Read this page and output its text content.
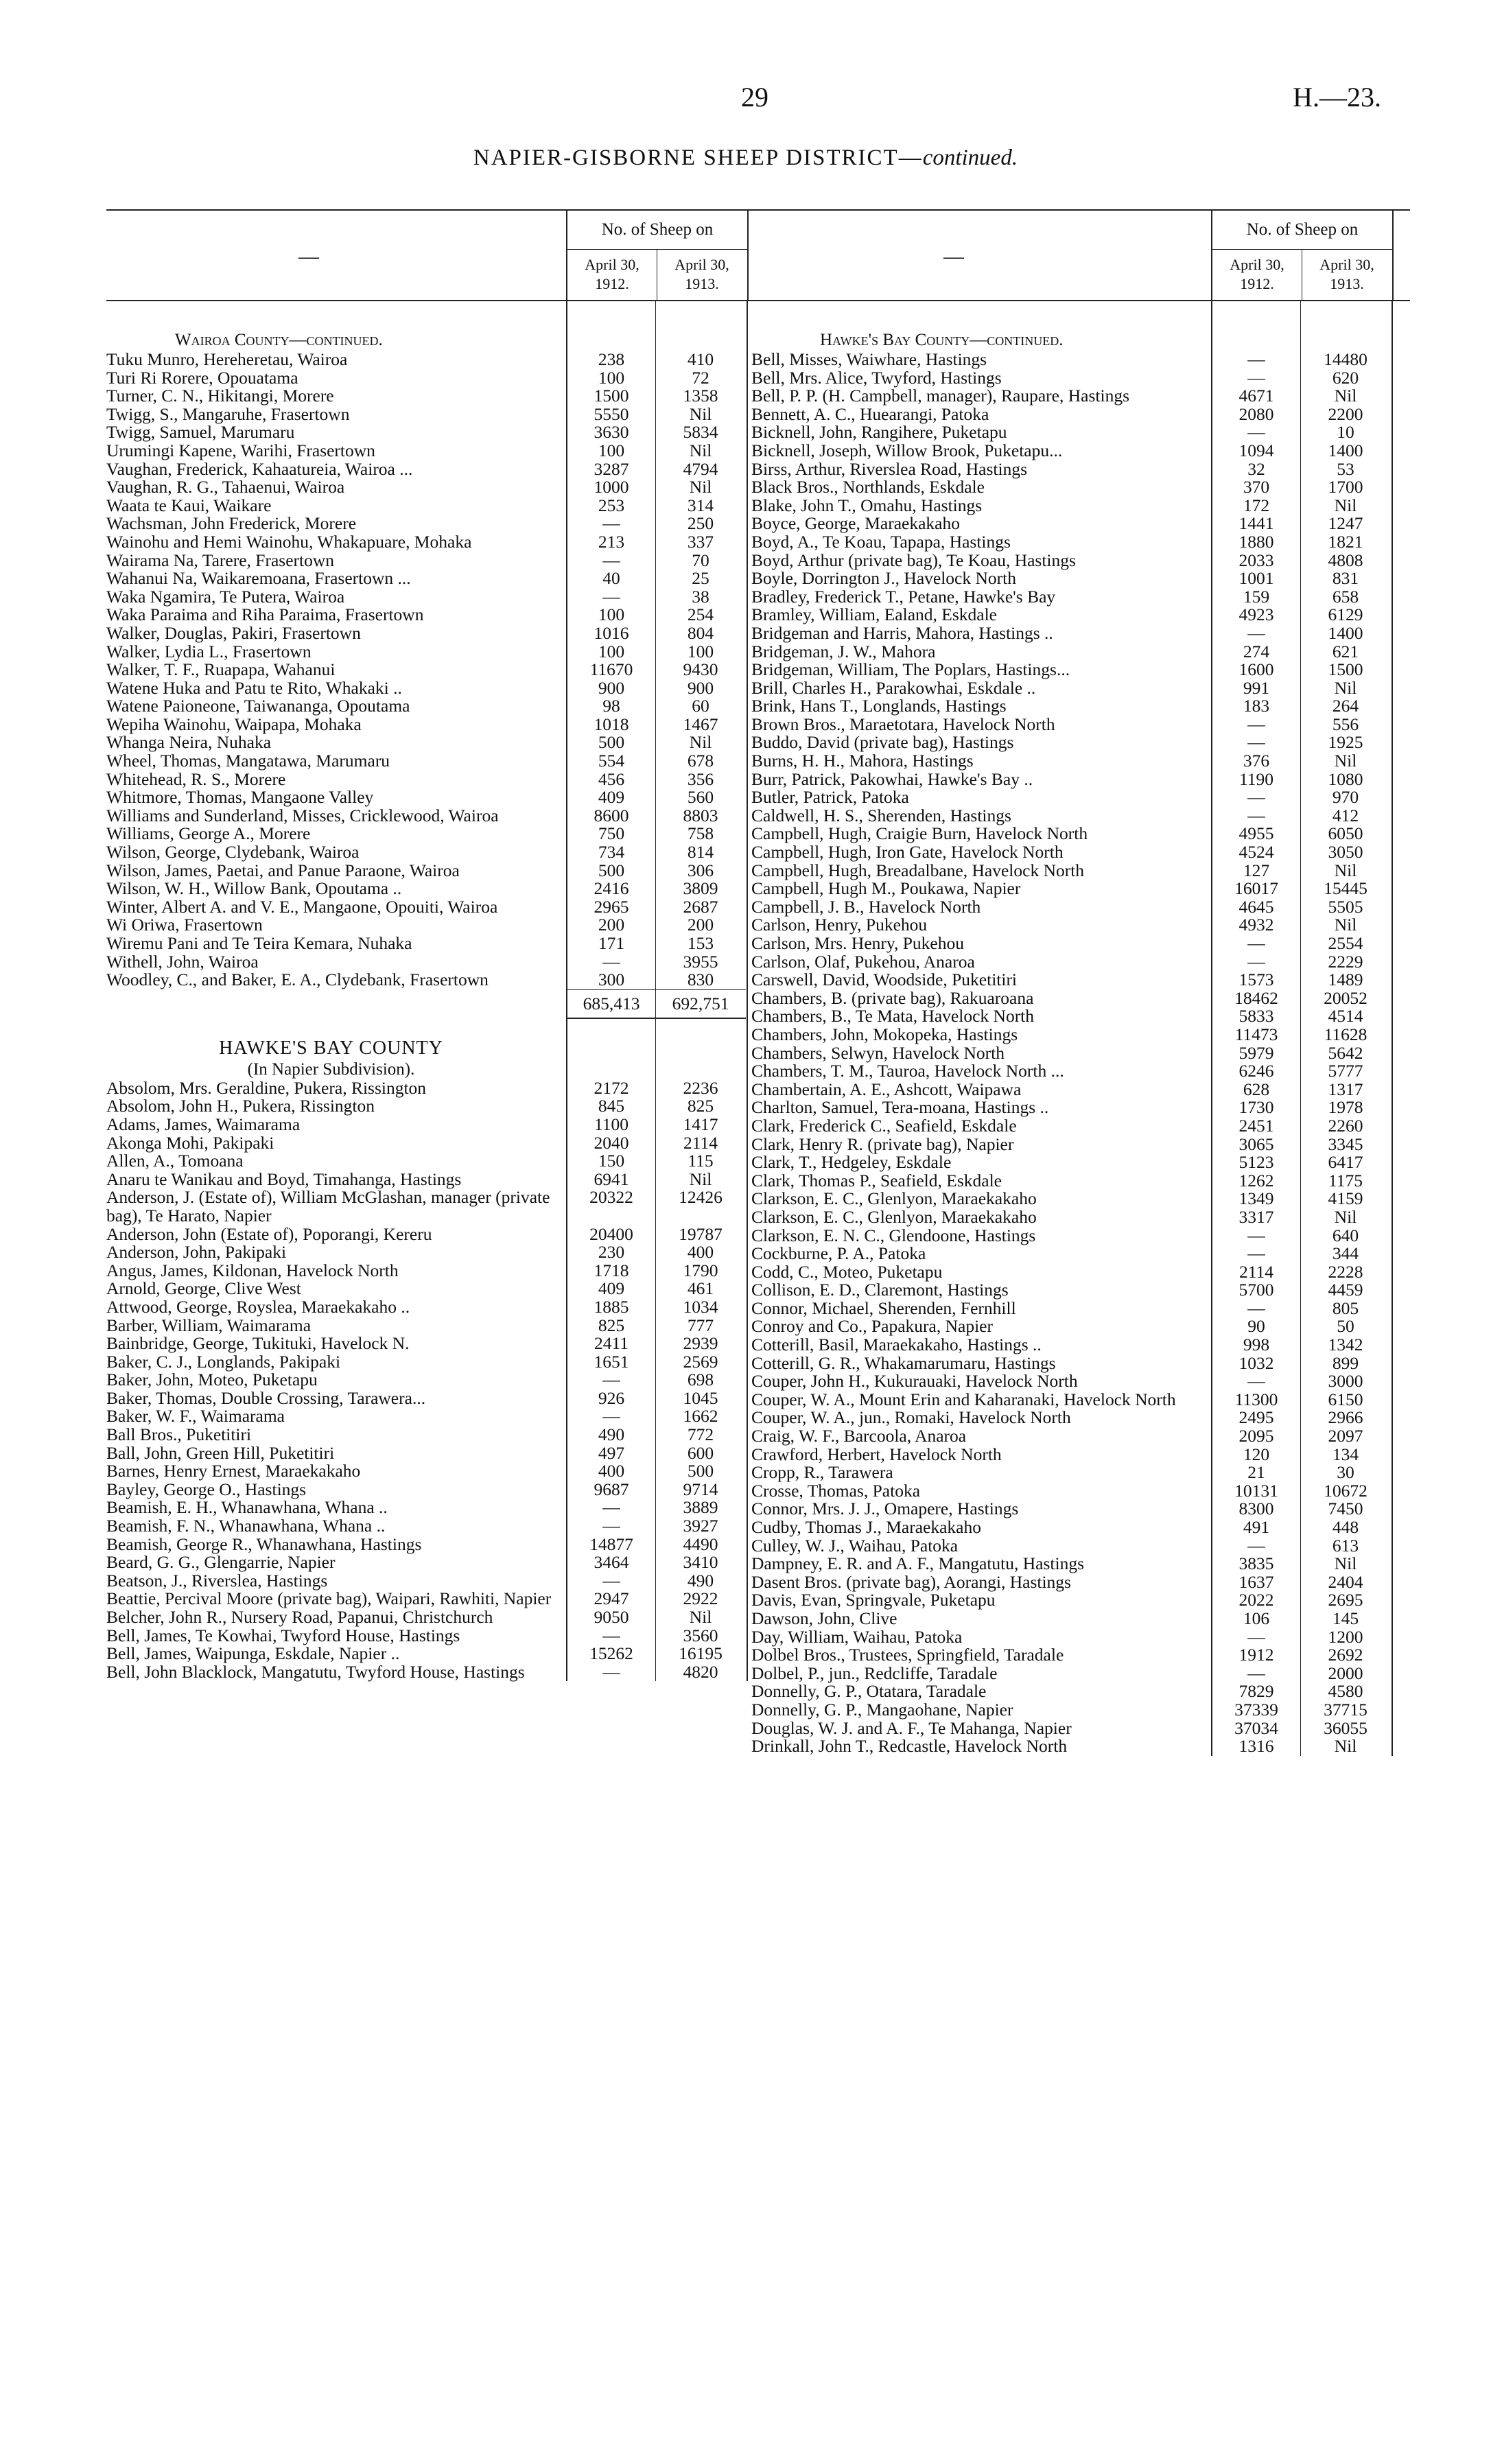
29	H.—23.
NAPIER-GISBORNE SHEEP DISTRICT—continued.
—
No. of Sheep on
April 30,
1912.
April 30,
1913.
Wairoa County—continued.
Tuku Munro, Hereheretau, Wairoa	238	410
Turi Ri Rorere, Opouatama	100	72
Turner, C. N., Hikitangi, Morere	1500	1358
Twigg, S., Mangaruhe, Frasertown	5550	Nil
Twigg, Samuel, Marumaru	3630	5834
Urumingi Kapene, Warihi, Frasertown	100	Nil
Vaughan, Frederick, Kahaatureia, Wairoa ...	3287	4794
Vaughan, R. G., Tahaenui, Wairoa	1000	Nil
Waata te Kaui, Waikare	253	314
Wachsman, John Frederick, Morere	—	250
Wainohu and Hemi Wainohu, Whakapuare, Mohaka	213	337
Wairama Na, Tarere, Frasertown	—	70
Wahanui Na, Waikaremoana, Frasertown ...	40	25
Waka Ngamira, Te Putera, Wairoa	—	38
Waka Paraima and Riha Paraima, Frasertown	100	254
Walker, Douglas, Pakiri, Frasertown	1016	804
Walker, Lydia L., Frasertown	100	100
Walker, T. F., Ruapapa, Wahanui	11670	9430
Watene Huka and Patu te Rito, Whakaki ..	900	900
Watene Paioneone, Taiwananga, Opoutama	98	60
Wepiha Wainohu, Waipapa, Mohaka	1018	1467
Whanga Neira, Nuhaka	500	Nil
Wheel, Thomas, Mangatawa, Marumaru	554	678
Whitehead, R. S., Morere	456	356
Whitmore, Thomas, Mangaone Valley	409	560
Williams and Sunderland, Misses, Cricklewood, Wairoa	8600	8803
Williams, George A., Morere	750	758
Wilson, George, Clydebank, Wairoa	734	814
Wilson, James, Paetai, and Panue Paraone, Wairoa	500	306
Wilson, W. H., Willow Bank, Opoutama ..	2416	3809
Winter, Albert A. and V. E., Mangaone, Opouiti, Wairoa	2965	2687
Wi Oriwa, Frasertown	200	200
Wiremu Pani and Te Teira Kemara, Nuhaka	171	153
Withell, John, Wairoa	—	3955
Woodley, C., and Baker, E. A., Clydebank, Frasertown	300	830
685,413	692,751
HAWKE'S BAY COUNTY
(In Napier Subdivision).
Absolom, Mrs. Geraldine, Pukera, Rissington	2172	2236
Absolom, John H., Pukera, Rissington	845	825
Adams, James, Waimarama	1100	1417
Akonga Mohi, Pakipaki	2040	2114
Allen, A., Tomoana	150	115
Anaru te Wanikau and Boyd, Timahanga, Hastings	6941	Nil
Anderson, J. (Estate of), William McGlashan, manager (private bag), Te Harato, Napier
20322	12426
Anderson, John (Estate of), Poporangi, Kereru	20400	19787
Anderson, John, Pakipaki	230	400
Angus, James, Kildonan, Havelock North	1718	1790
Arnold, George, Clive West	409	461
Attwood, George, Royslea, Maraekakaho ..	1885	1034
Barber, William, Waimarama	825	777
Bainbridge, George, Tukituki, Havelock N.	2411	2939
Baker, C. J., Longlands, Pakipaki	1651	2569
Baker, John, Moteo, Puketapu	—	698
Baker, Thomas, Double Crossing, Tarawera...	926	1045
Baker, W. F., Waimarama	—	1662
Ball Bros., Puketitiri	490	772
Ball, John, Green Hill, Puketitiri	497	600
Barnes, Henry Ernest, Maraekakaho	400	500
Bayley, George O., Hastings	9687	9714
Beamish, E. H., Whanawhana, Whana ..	—	3889
Beamish, F. N., Whanawhana, Whana ..	—	3927
Beamish, George R., Whanawhana, Hastings	14877	4490
Beard, G. G., Glengarrie, Napier	3464	3410
Beatson, J., Riverslea, Hastings	—	490
Beattie, Percival Moore (private bag), Waipari, Rawhiti, Napier	2947	2922
Belcher, John R., Nursery Road, Papanui, Christchurch	9050	Nil
Bell, James, Te Kowhai, Twyford House, Hastings	—	3560
Bell, James, Waipunga, Eskdale, Napier ..	15262	16195
Bell, John Blacklock, Mangatutu, Twyford House, Hastings	—	4820
—
No. of Sheep on
April 30,
1912.
April 30,
1913.
Hawke's Bay County—continued.
Bell, Misses, Waiwhare, Hastings	—	14480
Bell, Mrs. Alice, Twyford, Hastings	—	620
Bell, P. P. (H. Campbell, manager), Raupare, Hastings	4671	Nil
Bennett, A. C., Huearangi, Patoka	2080	2200
Bicknell, John, Rangihere, Puketapu	—	10
Bicknell, Joseph, Willow Brook, Puketapu...	1094	1400
Birss, Arthur, Riverslea Road, Hastings	32	53
Black Bros., Northlands, Eskdale	370	1700
Blake, John T., Omahu, Hastings	172	Nil
Boyce, George, Maraekakaho	1441	1247
Boyd, A., Te Koau, Tapapa, Hastings	1880	1821
Boyd, Arthur (private bag), Te Koau, Hastings	2033	4808
Boyle, Dorrington J., Havelock North	1001	831
Bradley, Frederick T., Petane, Hawke's Bay	159	658
Bramley, William, Ealand, Eskdale	4923	6129
Bridgeman and Harris, Mahora, Hastings ..	—	1400
Bridgeman, J. W., Mahora	274	621
Bridgeman, William, The Poplars, Hastings...	1600	1500
Brill, Charles H., Parakowhai, Eskdale ..	991	Nil
Brink, Hans T., Longlands, Hastings	183	264
Brown Bros., Maraetotara, Havelock North	—	556
Buddo, David (private bag), Hastings	—	1925
Burns, H. H., Mahora, Hastings	376	Nil
Burr, Patrick, Pakowhai, Hawke's Bay ..	1190	1080
Butler, Patrick, Patoka	—	970
Caldwell, H. S., Sherenden, Hastings	—	412
Campbell, Hugh, Craigie Burn, Havelock North	4955	6050
Campbell, Hugh, Iron Gate, Havelock North	4524	3050
Campbell, Hugh, Breadalbane, Havelock North	127	Nil
Campbell, Hugh M., Poukawa, Napier	16017	15445
Campbell, J. B., Havelock North	4645	5505
Carlson, Henry, Pukehou	4932	Nil
Carlson, Mrs. Henry, Pukehou	—	2554
Carlson, Olaf, Pukehou, Anaroa	—	2229
Carswell, David, Woodside, Puketitiri	1573	1489
Chambers, B. (private bag), Rakuaroana	18462	20052
Chambers, B., Te Mata, Havelock North	5833	4514
Chambers, John, Mokopeka, Hastings	11473	11628
Chambers, Selwyn, Havelock North	5979	5642
Chambers, T. M., Tauroa, Havelock North ...	6246	5777
Chambertain, A. E., Ashcott, Waipawa	628	1317
Charlton, Samuel, Tera-moana, Hastings ..	1730	1978
Clark, Frederick C., Seafield, Eskdale	2451	2260
Clark, Henry R. (private bag), Napier	3065	3345
Clark, T., Hedgeley, Eskdale	5123	6417
Clark, Thomas P., Seafield, Eskdale	1262	1175
Clarkson, E. C., Glenlyon, Maraekakaho	1349	4159
Clarkson, E. C., Glenlyon, Maraekakaho	3317	Nil
Clarkson, E. N. C., Glendoone, Hastings	—	640
Cockburne, P. A., Patoka	—	344
Codd, C., Moteo, Puketapu	2114	2228
Collison, E. D., Claremont, Hastings	5700	4459
Connor, Michael, Sherenden, Fernhill	—	805
Conroy and Co., Papakura, Napier	90	50
Cotterill, Basil, Maraekakaho, Hastings ..	998	1342
Cotterill, G. R., Whakamarumaru, Hastings	1032	899
Couper, John H., Kukurauaki, Havelock North	—	3000
Couper, W. A., Mount Erin and Kaharanaki, Havelock North	11300	6150
Couper, W. A., jun., Romaki, Havelock North	2495	2966
Craig, W. F., Barcoola, Anaroa	2095	2097
Crawford, Herbert, Havelock North	120	134
Cropp, R., Tarawera	21	30
Crosse, Thomas, Patoka	10131	10672
Connor, Mrs. J. J., Omapere, Hastings	8300	7450
Cudby, Thomas J., Maraekakaho	491	448
Culley, W. J., Waihau, Patoka	—	613
Dampney, E. R. and A. F., Mangatutu, Hastings	3835	Nil
Dasent Bros. (private bag), Aorangi, Hastings	1637	2404
Davis, Evan, Springvale, Puketapu	2022	2695
Dawson, John, Clive	106	145
Day, William, Waihau, Patoka	—	1200
Dolbel Bros., Trustees, Springfield, Taradale	1912	2692
Dolbel, P., jun., Redcliffe, Taradale	—	2000
Donnelly, G. P., Otatara, Taradale	7829	4580
Donnelly, G. P., Mangaohane, Napier	37339	37715
Douglas, W. J. and A. F., Te Mahanga, Napier	37034	36055
Drinkall, John T., Redcastle, Havelock North	1316	Nil
